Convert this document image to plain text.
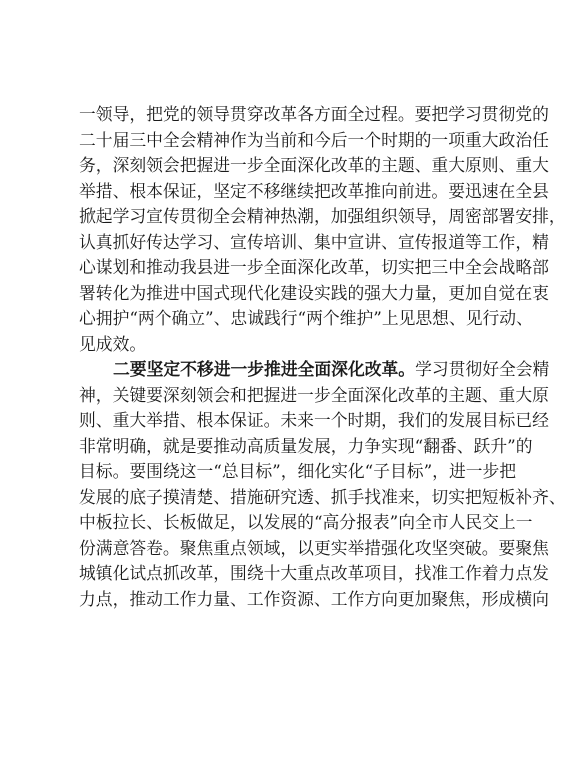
一领导，把党的领导贯穿改革各方面全过程。要把学习贯彻党的
二十届三中全会精神作为当前和今后一个时期的一项重大政治任
务，深刻领会把握进一步全面深化改革的主题、重大原则、重大
举措、根本保证，坚定不移继续把改革推向前进。要迅速在全县
掀起学习宣传贯彻全会精神热潮，加强组织领导，周密部署安排，
认真抓好传达学习、宣传培训、集中宣讲、宣传报道等工作，精
心谋划和推动我县进一步全面深化改革，切实把三中全会战略部
署转化为推进中国式现代化建设实践的强大力量，更加自觉在衷
心拥护“两个确立”、忠诚践行“两个维护”上见思想、见行动、
见成效。
二要坚定不移进一步推进全面深化改革。学习贯彻好全会精
神，关键要深刻领会和把握进一步全面深化改革的主题、重大原
则、重大举措、根本保证。未来一个时期，我们的发展目标已经
非常明确，就是要推动高质量发展，力争实现“翻番、跃升”的
目标。要围绕这一“总目标”，细化实化“子目标”，进一步把
发展的底子摸清楚、措施研究透、抓手找准来，切实把短板补齐、
中板拉长、长板做足，以发展的“高分报表”向全市人民交上一
份满意答卷。聚焦重点领域，以更实举措强化攻坚突破。要聚焦
城镇化试点抓改革，围绕十大重点改革项目，找准工作着力点发
力点，推动工作力量、工作资源、工作方向更加聚焦，形成横向
